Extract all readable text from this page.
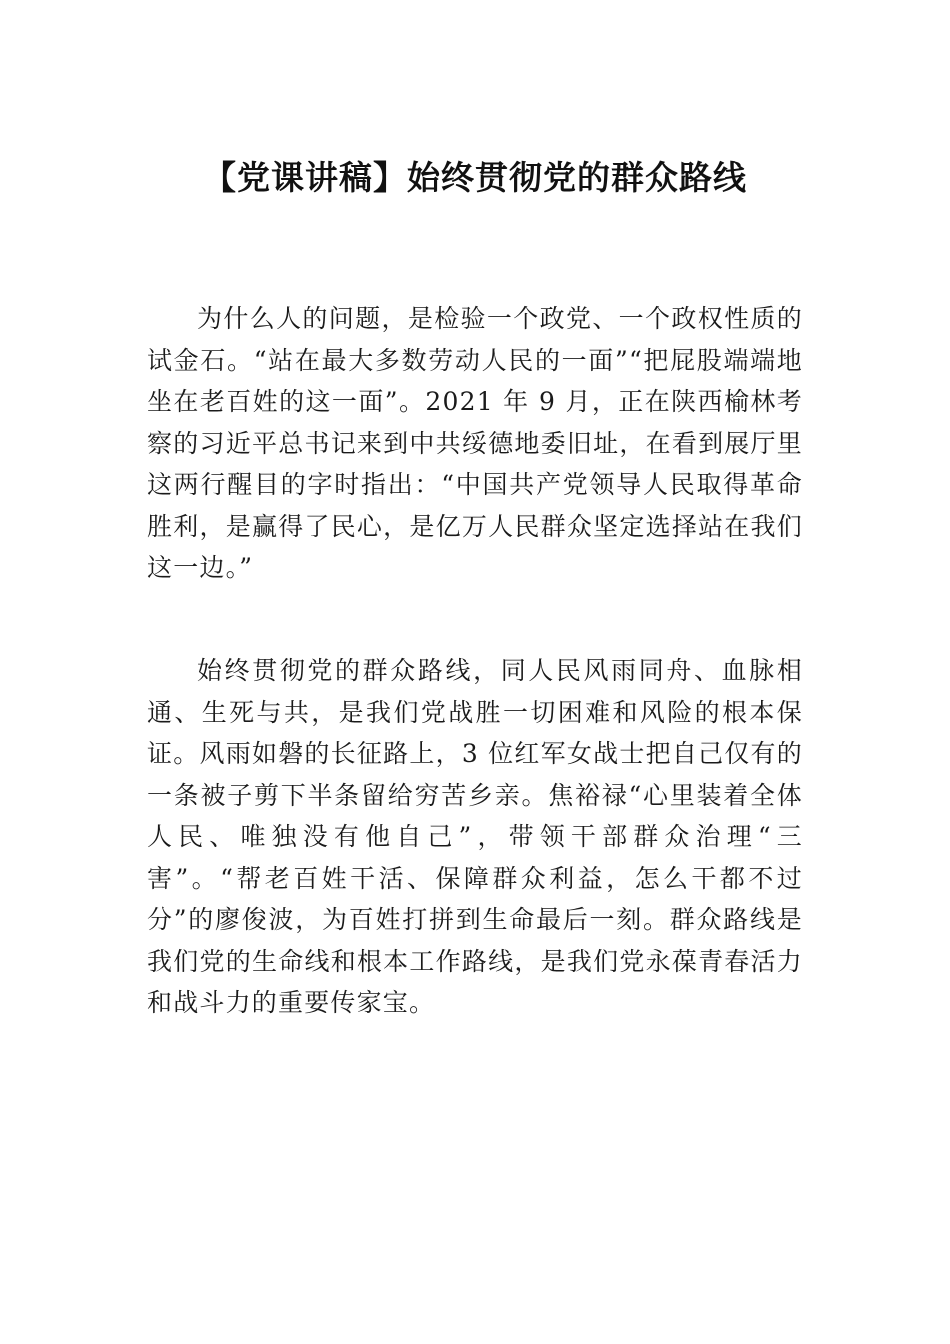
【党课讲稿】始终贯彻党的群众路线

为什么人的问题，是检验一个政党、一个政权性质的试金石。“站在最大多数劳动人民的一面”“把屁股端端地坐在老百姓的这一面”。2021 年 9 月，正在陕西榆林考察的习近平总书记来到中共绥德地委旧址，在看到展厅里这两行醒目的字时指出：“中国共产党领导人民取得革命胜利，是赢得了民心，是亿万人民群众坚定选择站在我们这一边。”

始终贯彻党的群众路线，同人民风雨同舟、血脉相通、生死与共，是我们党战胜一切困难和风险的根本保证。风雨如磐的长征路上，3 位红军女战士把自己仅有的一条被子剪下半条留给穷苦乡亲。焦裕禄“心里装着全体人民、唯独没有他自己”，带领干部群众治理“三害”。“帮老百姓干活、保障群众利益，怎么干都不过分”的廖俊波，为百姓打拼到生命最后一刻。群众路线是我们党的生命线和根本工作路线，是我们党永葆青春活力和战斗力的重要传家宝。
